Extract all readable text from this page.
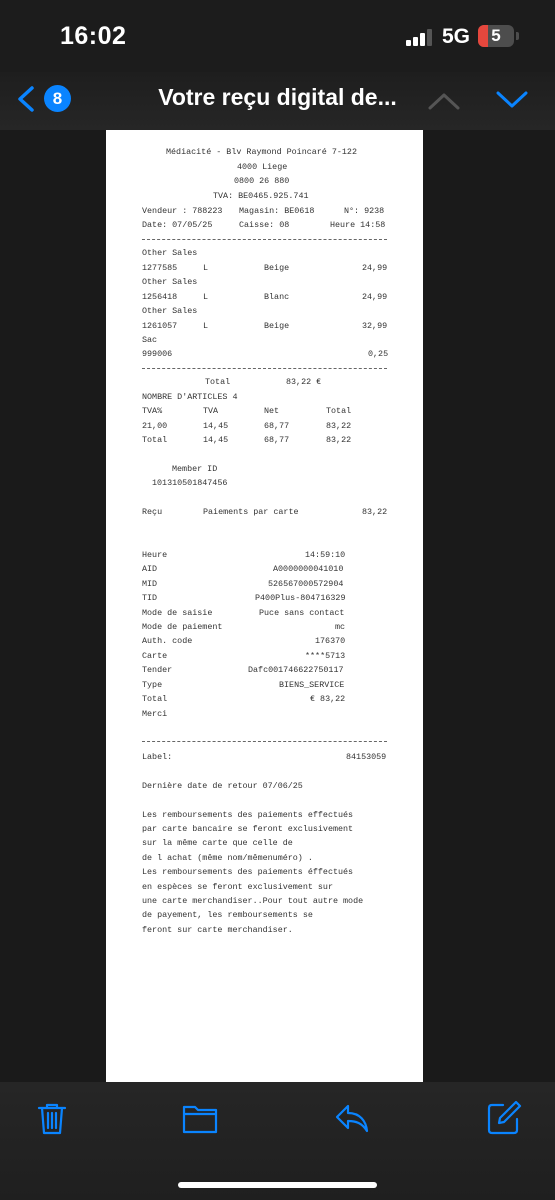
16:02	5G	5
8	Votre reçu digital de...
Médiacité - Blv Raymond Poincaré 7-122
4000 Liege
0800 26 880
TVA: BE0465.925.741
Vendeur : 788223 Magasin: BE0618	N°: 9238
Date: 07/05/25	Caisse: 08	Heure 14:58
Other Sales
1277585	L	Beige	24,99
Other Sales
1256418	L	Blanc	24,99
Other Sales
1261057	L	Beige	32,99
Sac
999006	0,25
Total	83,22 €
NOMBRE D'ARTICLES 4
TVA%	TVA	Net	Total
21,00	14,45	68,77	83,22
Total	14,45	68,77	83,22
Member ID
101310501847456
Reçu	Paiements par carte	83,22
Heure	14:59:10
AID	A0000000041010
MID	526567000572904
TID	P400Plus-804716329
Mode de saisie	Puce sans contact
Mode de paiement	mc
Auth. code	176370
Carte	****5713
Tender	Dafc001746622750117
Type	BIENS_SERVICE
Total	€ 83,22
Merci
Label:	84153059
Dernière date de retour 07/06/25
Les remboursements des paiements effectués
par carte bancaire se feront exclusivement
sur la même carte que celle de
de l achat (même nom/mêmenuméro) .
Les remboursements des paiements éffectués
en espèces se feront exclusivement sur
une carte merchandiser..Pour tout autre mode
de payement, les remboursements se
feront sur carte merchandiser.
